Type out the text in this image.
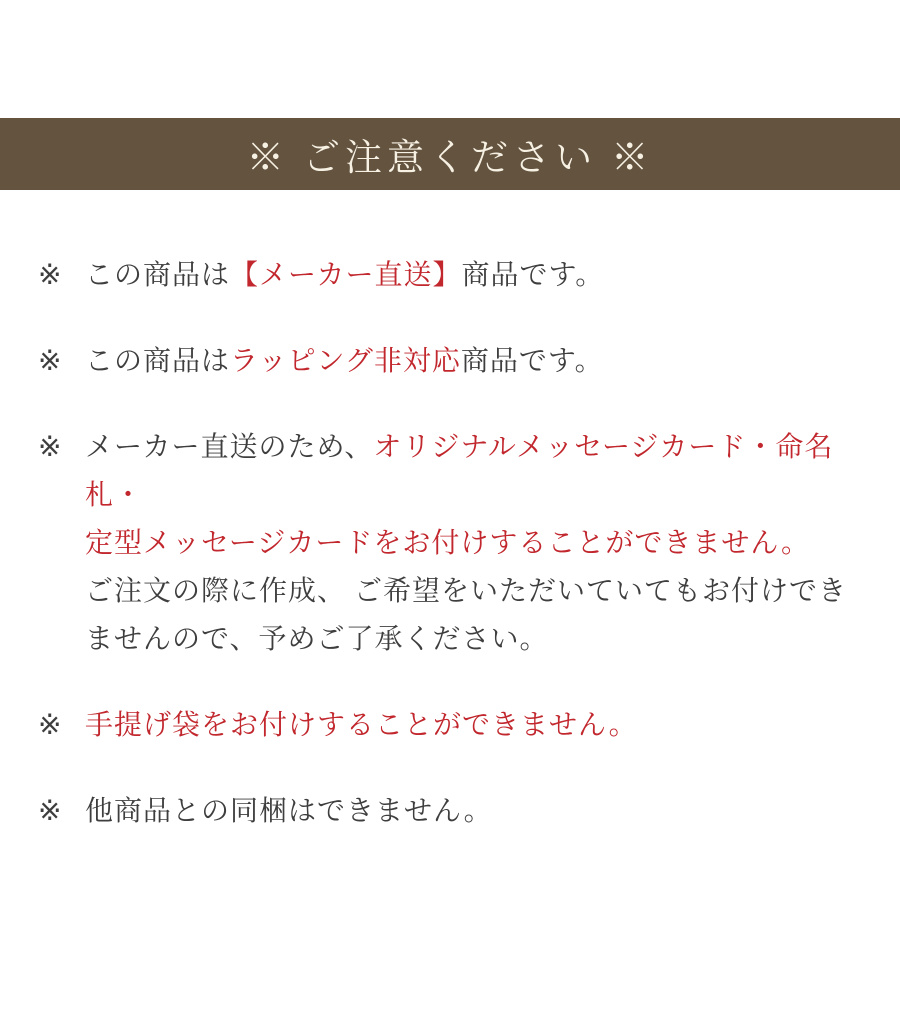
※ ご注意ください ※
※ この商品は【メーカー直送】商品です。

※ この商品はラッピング非対応商品です。

※ メーカー直送のため、オリジナルメッセージカード・命名札・
定型メッセージカードをお付けすることができません。
ご注文の際に作成、 ご希望をいただいていてもお付けでき
ませんので、予めご了承ください。

※ 手提げ袋をお付けすることができません。

※ 他商品との同梱はできません。
